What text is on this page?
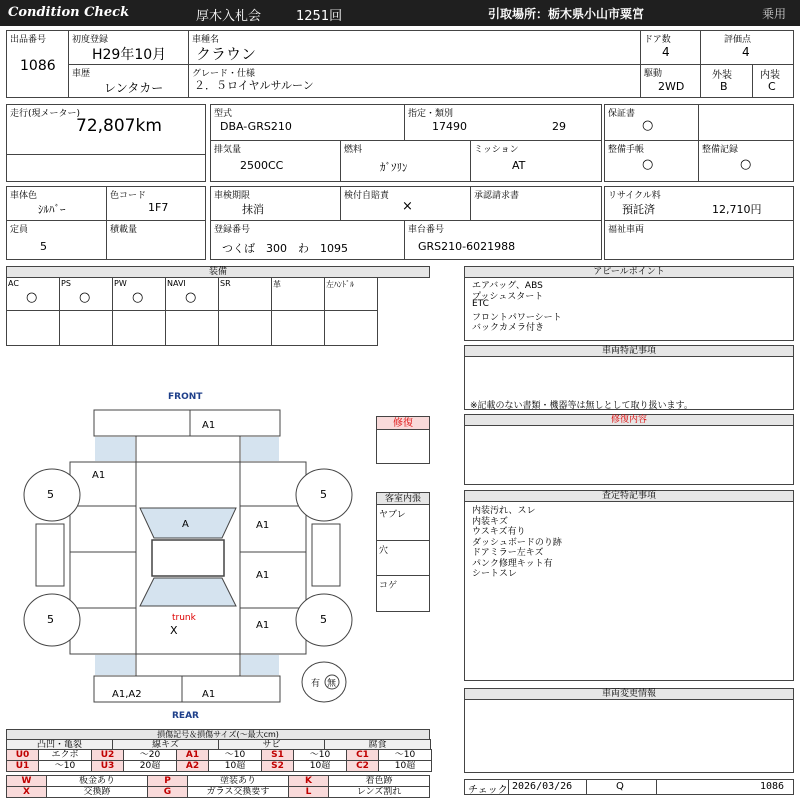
Condition Check	厚木入札会	1251回	引取場所：栃木県小山市粟宮	乗用
出品番号
1086
初度登録
H29年10月
車種名
クラウン
ドア数
4
評価点
4
車歴
レンタカー
グレード・仕様
２．５ロイヤルサルーン
駆動
2WD
外装
B
内装
C
走行(現メーター)
72,807km
型式
DBA-GRS210
指定・類別
17490	29
排気量
2500CC
燃料
ｶﾞｿﾘﾝ
ミッション
AT
保証書
○
整備手帳
○
整備記録
○
車体色
ｼﾙﾊﾞｰ
色コード
1F7
定員
5
積載量
車検期限
抹消
検付自賠責
×
承認請求書
登録番号
つくば　300　わ　1095
車台番号
GRS210-6021988
リサイクル料
預託済	12,710円
福祉車両
装備
AC
○
PS
○
PW
○
NAVI
○
SR	革	左ﾊﾝﾄﾞﾙ
アピールポイント
エアバッグ、ABS
プッシュスタート
ETC
フロントパワーシート
バックカメラ付き
車両特記事項
※記載のない書類・機器等は無しとして取り扱います。
修復内容
査定特記事項
内装汚れ、スレ
内装キズ
ウスキズ有り
ダッシュボードのり跡
ドアミラー左キズ
パンク修理キット有
シートスレ
車両変更情報
チェック 2026/03/26	Q	1086
修復
客室内張
ヤブレ
穴
コゲ
FRONT
REAR
A1
A1
A	A1
A1
A1
trunk
X
A1,A2	A1
5	5
5	5
有 無
損傷記号＆損傷サイズ(〜最大cm)
凸凹・亀裂	線キズ	サビ	腐食
U0	エクボ	U2	〜20	A1	〜10	S1	〜10	C1	〜10
U1	〜10	U3	20超	A2	10超	S2	10超	C2	10超
W	板金あり	P	塗装あり	K	着色跡
X	交換跡	G	ガラス交換要す	L	レンズ割れ
